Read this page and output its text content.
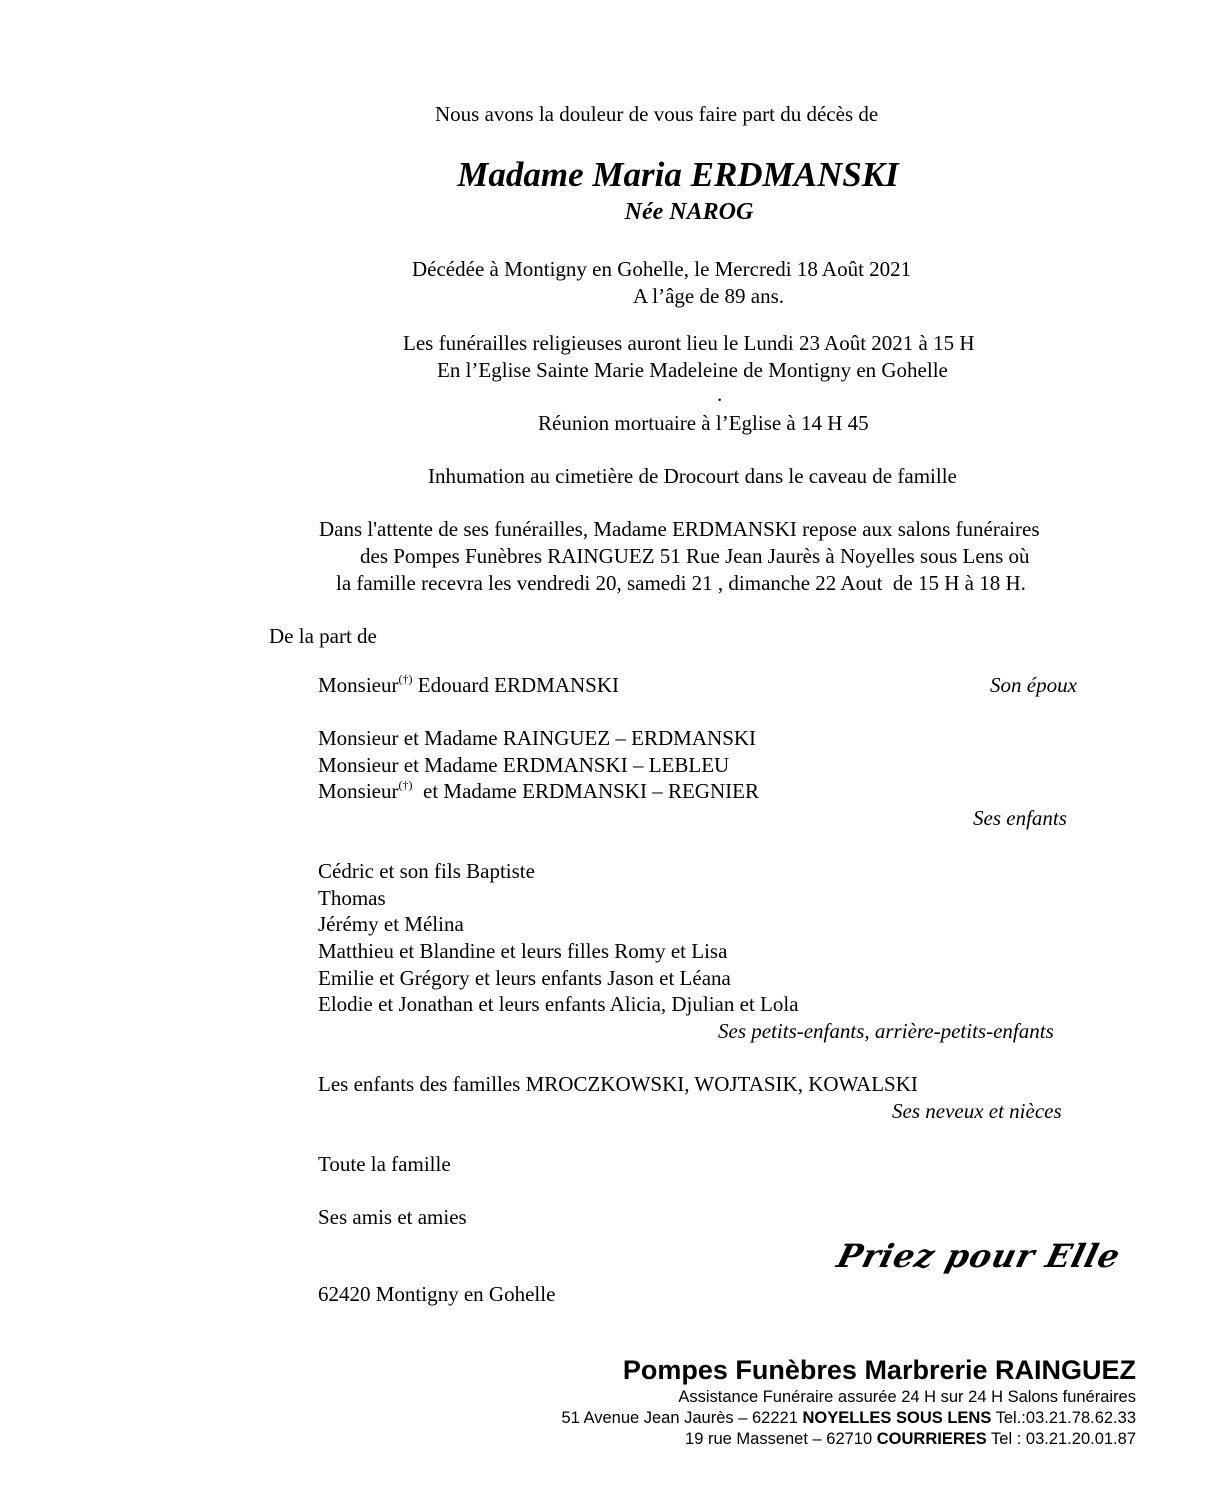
Nous avons la douleur de vous faire part du décès de
Madame Maria ERDMANSKI
Née NAROG
Décédée à Montigny en Gohelle, le Mercredi 18 Août 2021
A l’âge de 89 ans.
Les funérailles religieuses auront lieu le Lundi 23 Août 2021 à 15 H
En l’Eglise Sainte Marie Madeleine de Montigny en Gohelle
.
Réunion mortuaire à l’Eglise à 14 H 45
Inhumation au cimetière de Drocourt dans le caveau de famille
Dans l'attente de ses funérailles, Madame ERDMANSKI repose aux salons funéraires
des Pompes Funèbres RAINGUEZ 51 Rue Jean Jaurès à Noyelles sous Lens où
la famille recevra les vendredi 20, samedi 21 , dimanche 22 Aout  de 15 H à 18 H.
De la part de
Monsieur(†) Edouard ERDMANSKI	Son époux
Monsieur et Madame RAINGUEZ – ERDMANSKI
Monsieur et Madame ERDMANSKI – LEBLEU
Monsieur(†)  et Madame ERDMANSKI – REGNIER
Ses enfants
Cédric et son fils Baptiste
Thomas
Jérémy et Mélina
Matthieu et Blandine et leurs filles Romy et Lisa
Emilie et Grégory et leurs enfants Jason et Léana
Elodie et Jonathan et leurs enfants Alicia, Djulian et Lola
Ses petits-enfants, arrière-petits-enfants
Les enfants des familles MROCZKOWSKI, WOJTASIK, KOWALSKI
Ses neveux et nièces
Toute la famille
Ses amis et amies
Priez pour Elle
62420 Montigny en Gohelle
Pompes Funèbres Marbrerie RAINGUEZ
Assistance Funéraire assurée 24 H sur 24 H Salons funéraires
51 Avenue Jean Jaurès – 62221 NOYELLES SOUS LENS Tel.:03.21.78.62.33
19 rue Massenet – 62710 COURRIERES Tel : 03.21.20.01.87
